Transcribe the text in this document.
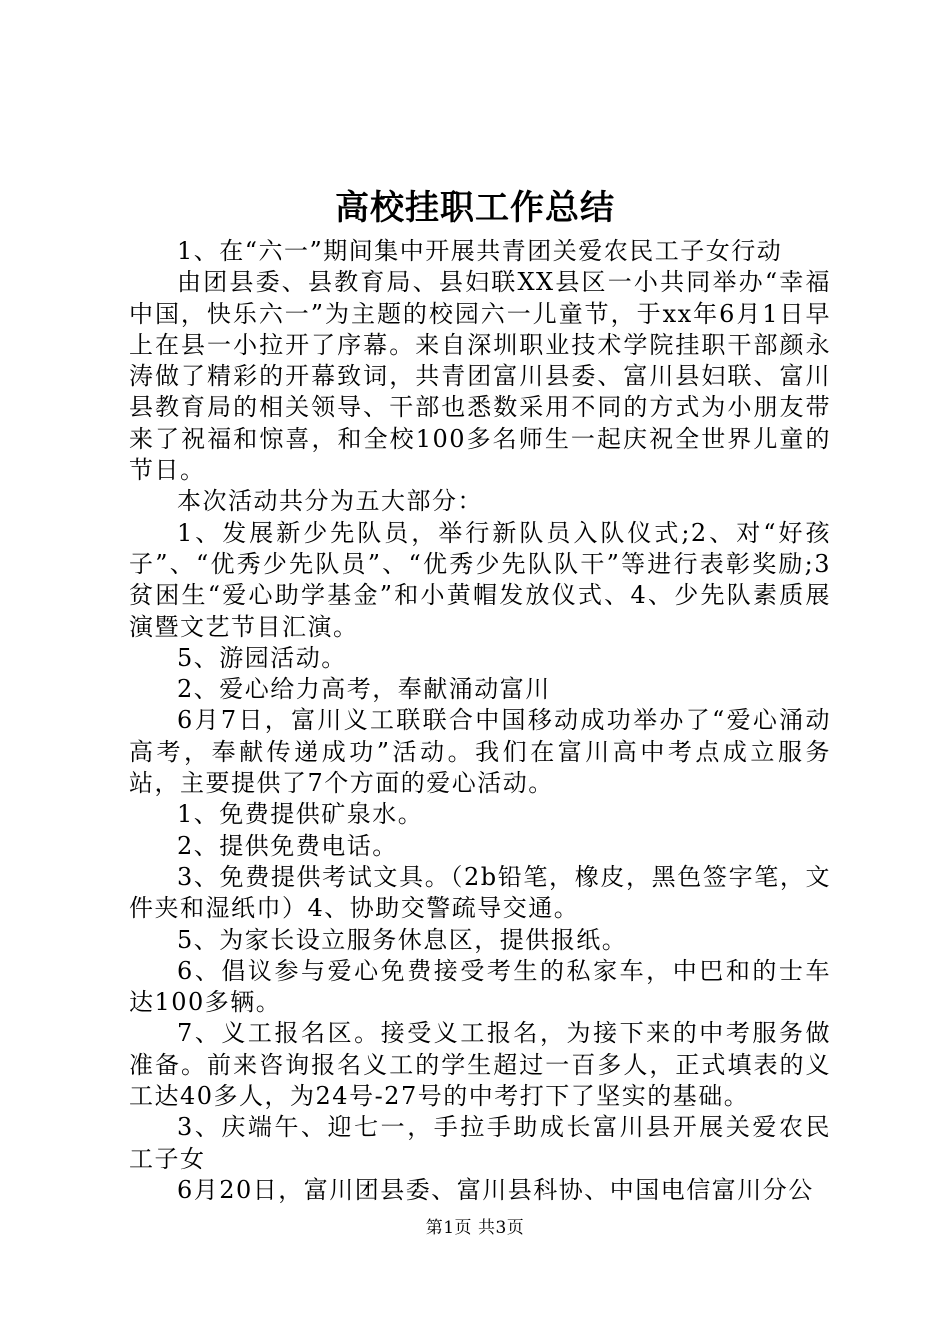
高校挂职工作总结

1、在“六一”期间集中开展共青团关爱农民工子女行动

由团县委、县教育局、县妇联XX县区一小共同举办“幸福中国，快乐六一”为主题的校园六一儿童节，于xx年6月1日早上在县一小拉开了序幕。来自深圳职业技术学院挂职干部颜永涛做了精彩的开幕致词，共青团富川县委、富川县妇联、富川县教育局的相关领导、干部也悉数采用不同的方式为小朋友带来了祝福和惊喜，和全校100多名师生一起庆祝全世界儿童的节日。

本次活动共分为五大部分：

1、发展新少先队员，举行新队员入队仪式;2、对“好孩子”、“优秀少先队员”、“优秀少先队队干”等进行表彰奖励;3贫困生“爱心助学基金”和小黄帽发放仪式、4、少先队素质展演暨文艺节目汇演。

5、游园活动。

2、爱心给力高考，奉献涌动富川

6月7日，富川义工联联合中国移动成功举办了“爱心涌动高考，奉献传递成功”活动。我们在富川高中考点成立服务站，主要提供了7个方面的爱心活动。

1、免费提供矿泉水。

2、提供免费电话。

3、免费提供考试文具。（2b铅笔，橡皮，黑色签字笔，文件夹和湿纸巾）4、协助交警疏导交通。

5、为家长设立服务休息区，提供报纸。

6、倡议参与爱心免费接受考生的私家车，中巴和的士车达100多辆。

7、义工报名区。接受义工报名，为接下来的中考服务做准备。前来咨询报名义工的学生超过一百多人，正式填表的义工达40多人，为24号-27号的中考打下了坚实的基础。

3、庆端午、迎七一，手拉手助成长富川县开展关爱农民工子女

6月20日，富川团县委、富川县科协、中国电信富川分公

第1页 共3页
